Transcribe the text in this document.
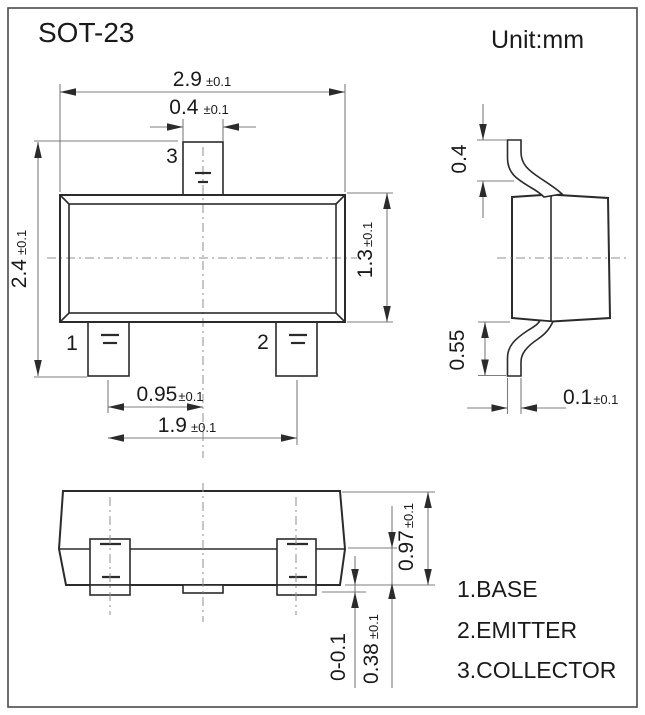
SOT-23	Unit:mm
1	2
3
2.9 ±0.1
0.4 ±0.1
2.4±0.1
1.3±0.1
0.95±0.1
1.9 ±0.1
0.4
0.55
0.1±0.1
0.97±0.1
0.38±0.1
0-0.1
1.BASE
2.EMITTER
3.COLLECTOR
